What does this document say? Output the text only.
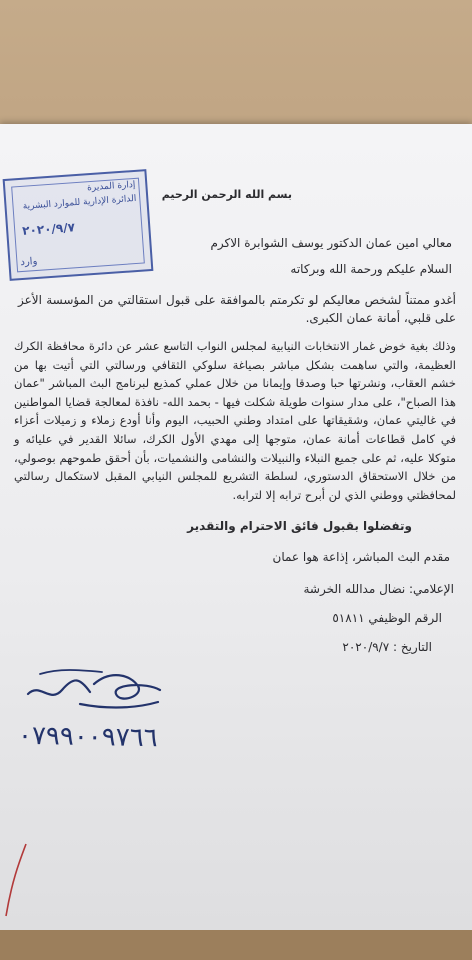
إدارة المديرة
الدائرة الإدارية للموارد البشرية
٢٠٢٠/٩/٧
وارد
بسم الله الرحمن الرحيم
معالي امين عمان الدكتور يوسف الشوابرة الاكرم
السلام عليكم ورحمة الله وبركاته
أغدو ممتناً لشخص معاليكم لو تكرمتم بالموافقة على قبول استقالتي من المؤسسة الأعز على قلبي، أمانة عمان الكبرى.
وذلك بغية خوض غمار الانتخابات النيابية لمجلس النواب التاسع عشر عن دائرة محافظة الكرك العظيمة، والتي ساهمت بشكل مباشر بصياغة سلوكي الثقافي ورسالتي التي أتيت بها من خشم العقاب، ونشرتها حبا وصدقا وإيمانا من خلال عملي كمذيع لبرنامج البث المباشر "عمان هذا الصباح"، على مدار سنوات طويلة شكلت فيها - بحمد الله- نافذة لمعالجة قضايا المواطنين في غاليتي عمان، وشقيقاتها على امتداد وطني الحبيب، اليوم وأنا أودع زملاء و زميلات أعزاء في كامل قطاعات أمانة عمان، متوجها إلى مهدي الأول الكرك، سائلا القدير في عليائه و متوكلا عليه، ثم على جميع النبلاء والنبيلات والنشامى والنشميات، بأن أحقق طموحهم بوصولي، من خلال الاستحقاق الدستوري، لسلطة التشريع للمجلس النيابي المقبل لاستكمال رسالتي لمحافظتي ووطني الذي لن أبرح ترابه إلا لترابه.
وتفضلوا بقبول فائق الاحترام والتقدير
مقدم البث المباشر، إذاعة هوا عمان
الإعلامي: نضال مدالله الخرشة
الرقم الوظيفي ٥١٨١١
التاريخ : ٢٠٢٠/٩/٧
٠٧٩٩٠٠٩٧٦٦
